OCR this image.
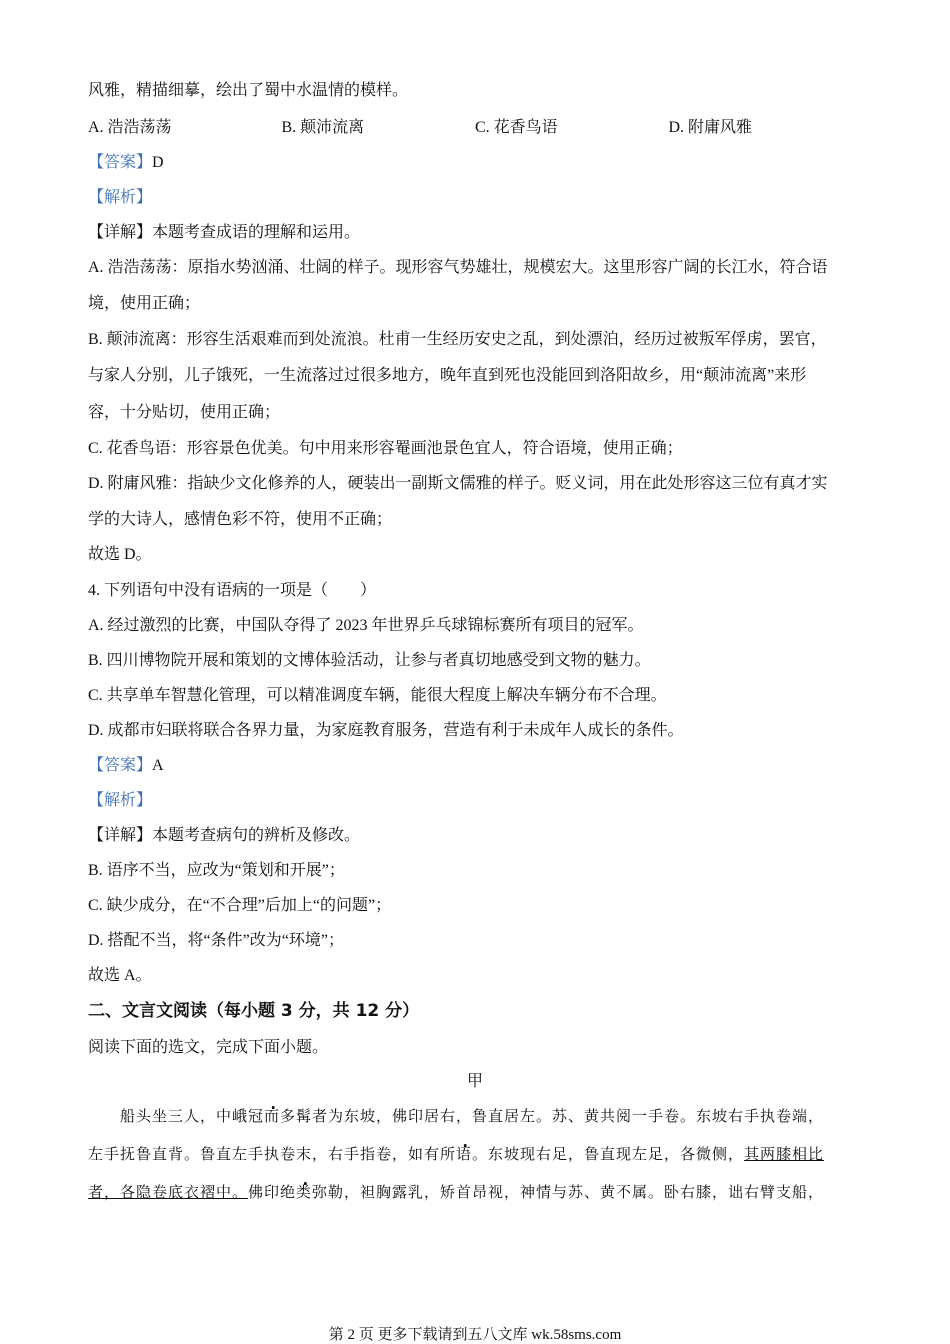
风雅，精描细摹，绘出了蜀中水温情的模样。
A. 浩浩荡荡	B. 颠沛流离	C. 花香鸟语	D. 附庸风雅
【答案】D
【解析】
【详解】本题考查成语的理解和运用。
A. 浩浩荡荡：原指水势汹涌、壮阔的样子。现形容气势雄壮，规模宏大。这里形容广阔的长江水，符合语
境，使用正确；
B. 颠沛流离：形容生活艰难而到处流浪。杜甫一生经历安史之乱，到处漂泊，经历过被叛军俘虏，罢官，
与家人分别，儿子饿死，一生流落过过很多地方，晚年直到死也没能回到洛阳故乡，用“颠沛流离”来形
容，十分贴切，使用正确；
C. 花香鸟语：形容景色优美。句中用来形容罨画池景色宜人，符合语境，使用正确；
D. 附庸风雅：指缺少文化修养的人，硬装出一副斯文儒雅的样子。贬义词，用在此处形容这三位有真才实
学的大诗人，感情色彩不符，使用不正确；
故选 D。
4. 下列语句中没有语病的一项是（　　）
A. 经过激烈的比赛，中国队夺得了 2023 年世界乒乓球锦标赛所有项目的冠军。
B. 四川博物院开展和策划的文博体验活动，让参与者真切地感受到文物的魅力。
C. 共享单车智慧化管理，可以精准调度车辆，能很大程度上解决车辆分布不合理。
D. 成都市妇联将联合各界力量，为家庭教育服务，营造有利于未成年人成长的条件。
【答案】A
【解析】
【详解】本题考查病句的辨析及修改。
B. 语序不当，应改为“策划和开展”；
C. 缺少成分，在“不合理”后加上“的问题”；
D. 搭配不当，将“条件”改为“环境”；
故选 A。
二、文言文阅读（每小题 3 分，共 12 分）
阅读下面的选文，完成下面小题。
甲
船头坐三人，中峨冠而多髯者为东坡，佛印居右，鲁直居左。苏、黄共阅一手卷。东坡右手执卷端，
左手抚鲁直背。鲁直左手执卷末，右手指卷，如有所语。东坡现右足，鲁直现左足，各微侧，其两膝相比
者，各隐卷底衣褶中。佛印绝类弥勒，袒胸露乳，矫首昂视，神情与苏、黄不属。卧右膝，诎右臂支船，
第 2 页 更多下载请到五八文库 wk.58sms.com
